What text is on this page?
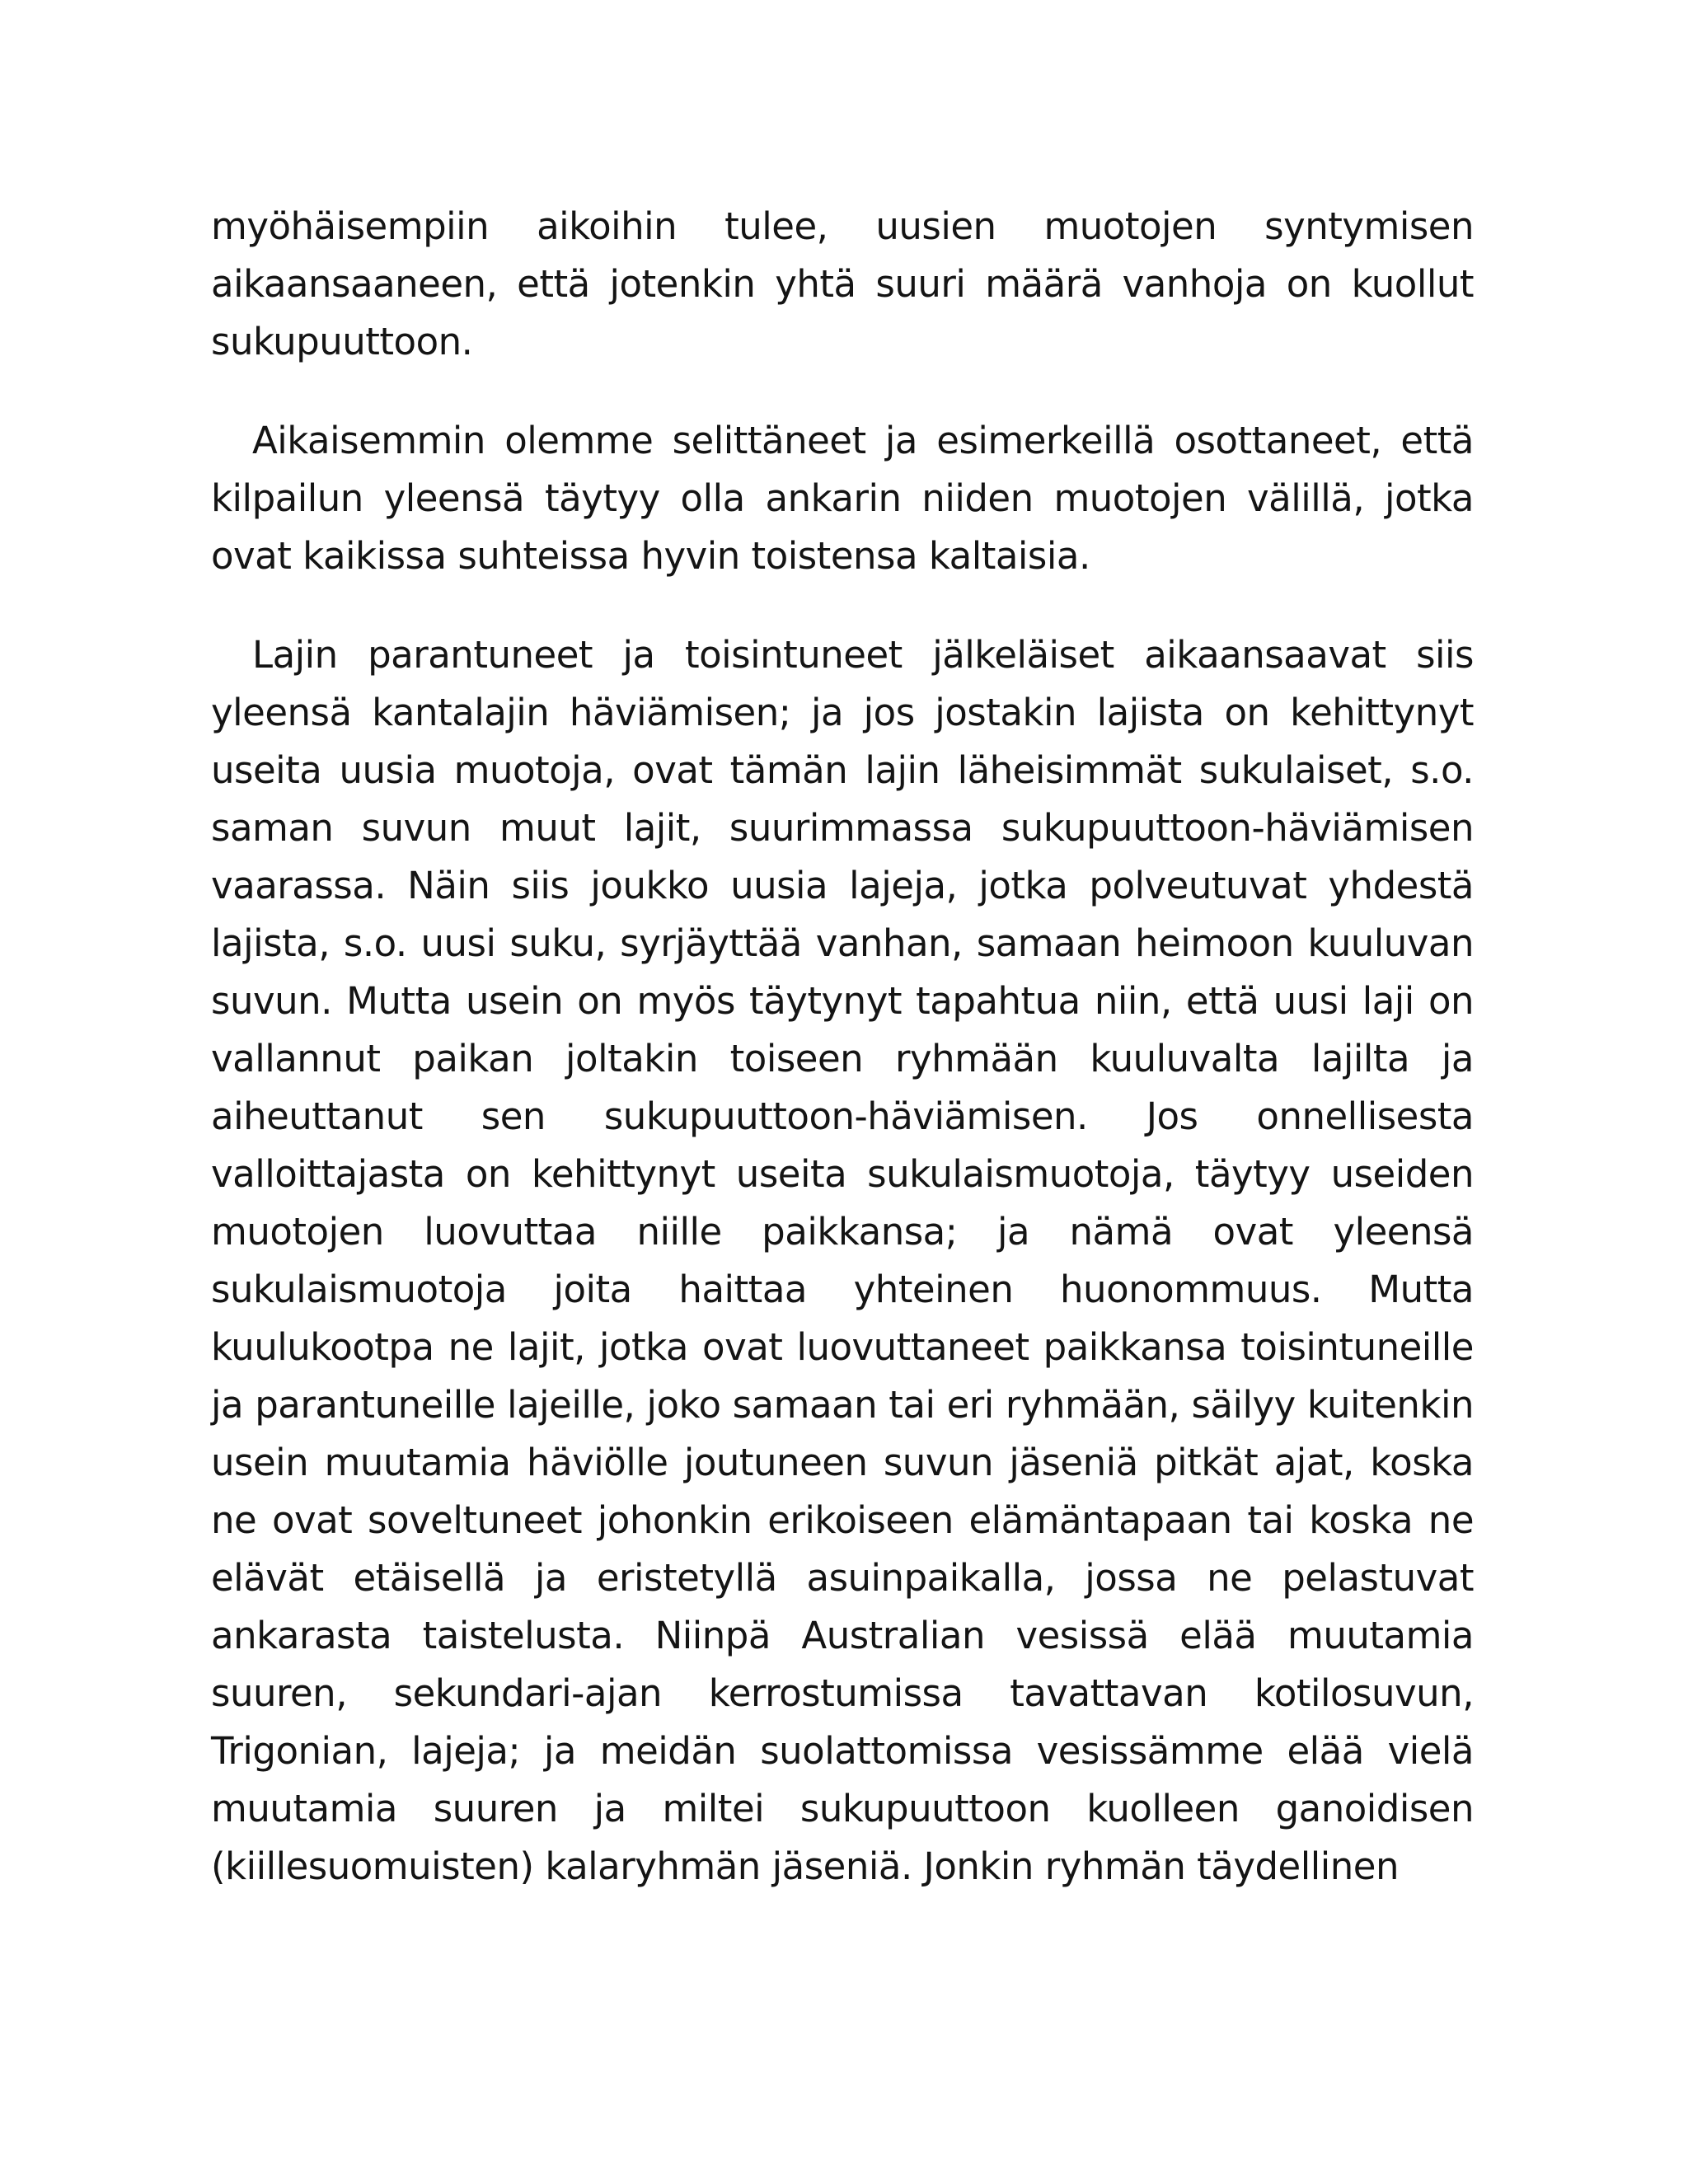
myöhäisempiin aikoihin tulee, uusien muotojen syntymisen aikaansaaneen, että jotenkin yhtä suuri määrä vanhoja on kuollut sukupuuttoon.

Aikaisemmin olemme selittäneet ja esimerkeillä osottaneet, että kilpailun yleensä täytyy olla ankarin niiden muotojen välillä, jotka ovat kaikissa suhteissa hyvin toistensa kaltaisia.

Lajin parantuneet ja toisintuneet jälkeläiset aikaansaavat siis yleensä kantalajin häviämisen; ja jos jostakin lajista on kehittynyt useita uusia muotoja, ovat tämän lajin läheisimmät sukulaiset, s.o. saman suvun muut lajit, suurimmassa sukupuuttoon-häviämisen vaarassa. Näin siis joukko uusia lajeja, jotka polveutuvat yhdestä lajista, s.o. uusi suku, syrjäyttää vanhan, samaan heimoon kuuluvan suvun. Mutta usein on myös täytynyt tapahtua niin, että uusi laji on vallannut paikan joltakin toiseen ryhmään kuuluvalta lajilta ja aiheuttanut sen sukupuuttoon-häviämisen. Jos onnellisesta valloittajasta on kehittynyt useita sukulaismuotoja, täytyy useiden muotojen luovuttaa niille paikkansa; ja nämä ovat yleensä sukulaismuotoja joita haittaa yhteinen huonommuus. Mutta kuulukootpa ne lajit, jotka ovat luovuttaneet paikkansa toisintuneille ja parantuneille lajeille, joko samaan tai eri ryhmään, säilyy kuitenkin usein muutamia häviölle joutuneen suvun jäseniä pitkät ajat, koska ne ovat soveltuneet johonkin erikoiseen elämäntapaan tai koska ne elävät etäisellä ja eristetyllä asuinpaikalla, jossa ne pelastuvat ankarasta taistelusta. Niinpä Australian vesissä elää muutamia suuren, sekundari-ajan kerrostumissa tavattavan kotilosuvun, Trigonian, lajeja; ja meidän suolattomissa vesissämme elää vielä muutamia suuren ja miltei sukupuuttoon kuolleen ganoidisen (kiillesuomuisten) kalaryhmän jäseniä. Jonkin ryhmän täydellinen
